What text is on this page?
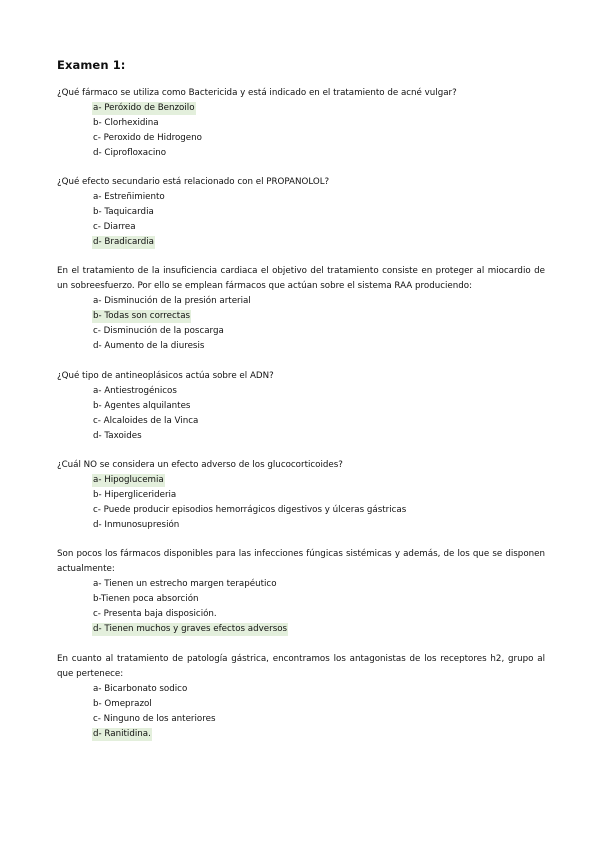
Examen 1:
¿Qué fármaco se utiliza como Bactericida y está indicado en el tratamiento de acné vulgar?
a- Peróxido de Benzoilo
b- Clorhexidina
c- Peroxido de Hidrogeno
d- Ciprofloxacino
¿Qué efecto secundario está relacionado con el PROPANOLOL?
a- Estreñimiento
b- Taquicardia
c- Diarrea
d- Bradicardia
En el tratamiento de la insuficiencia cardiaca el objetivo del tratamiento consiste en proteger al miocardio de un sobreesfuerzo. Por ello se emplean fármacos que actúan sobre el sistema RAA produciendo:
a- Disminución de la presión arterial
b- Todas son correctas
c- Disminución de la poscarga
d- Aumento de la diuresis
¿Qué tipo de antineoplásicos actúa sobre el ADN?
a- Antiestrogénicos
b- Agentes alquilantes
c- Alcaloides de la Vinca
d- Taxoides
¿Cuál NO se considera un efecto adverso de los glucocorticoides?
a- Hipoglucemia
b- Hiperglicerideria
c- Puede producir episodios hemorrágicos digestivos y úlceras gástricas
d- Inmunosupresión
Son pocos los fármacos disponibles para las infecciones fúngicas sistémicas y además, de los que se disponen actualmente:
a- Tienen un estrecho margen terapéutico
b-Tienen poca absorción
c- Presenta baja disposición.
d- Tienen muchos y graves efectos adversos
En cuanto al tratamiento de patología gástrica, encontramos los antagonistas de los receptores h2, grupo al que pertenece:
a- Bicarbonato sodico
b- Omeprazol
c- Ninguno de los anteriores
d- Ranitidina.
